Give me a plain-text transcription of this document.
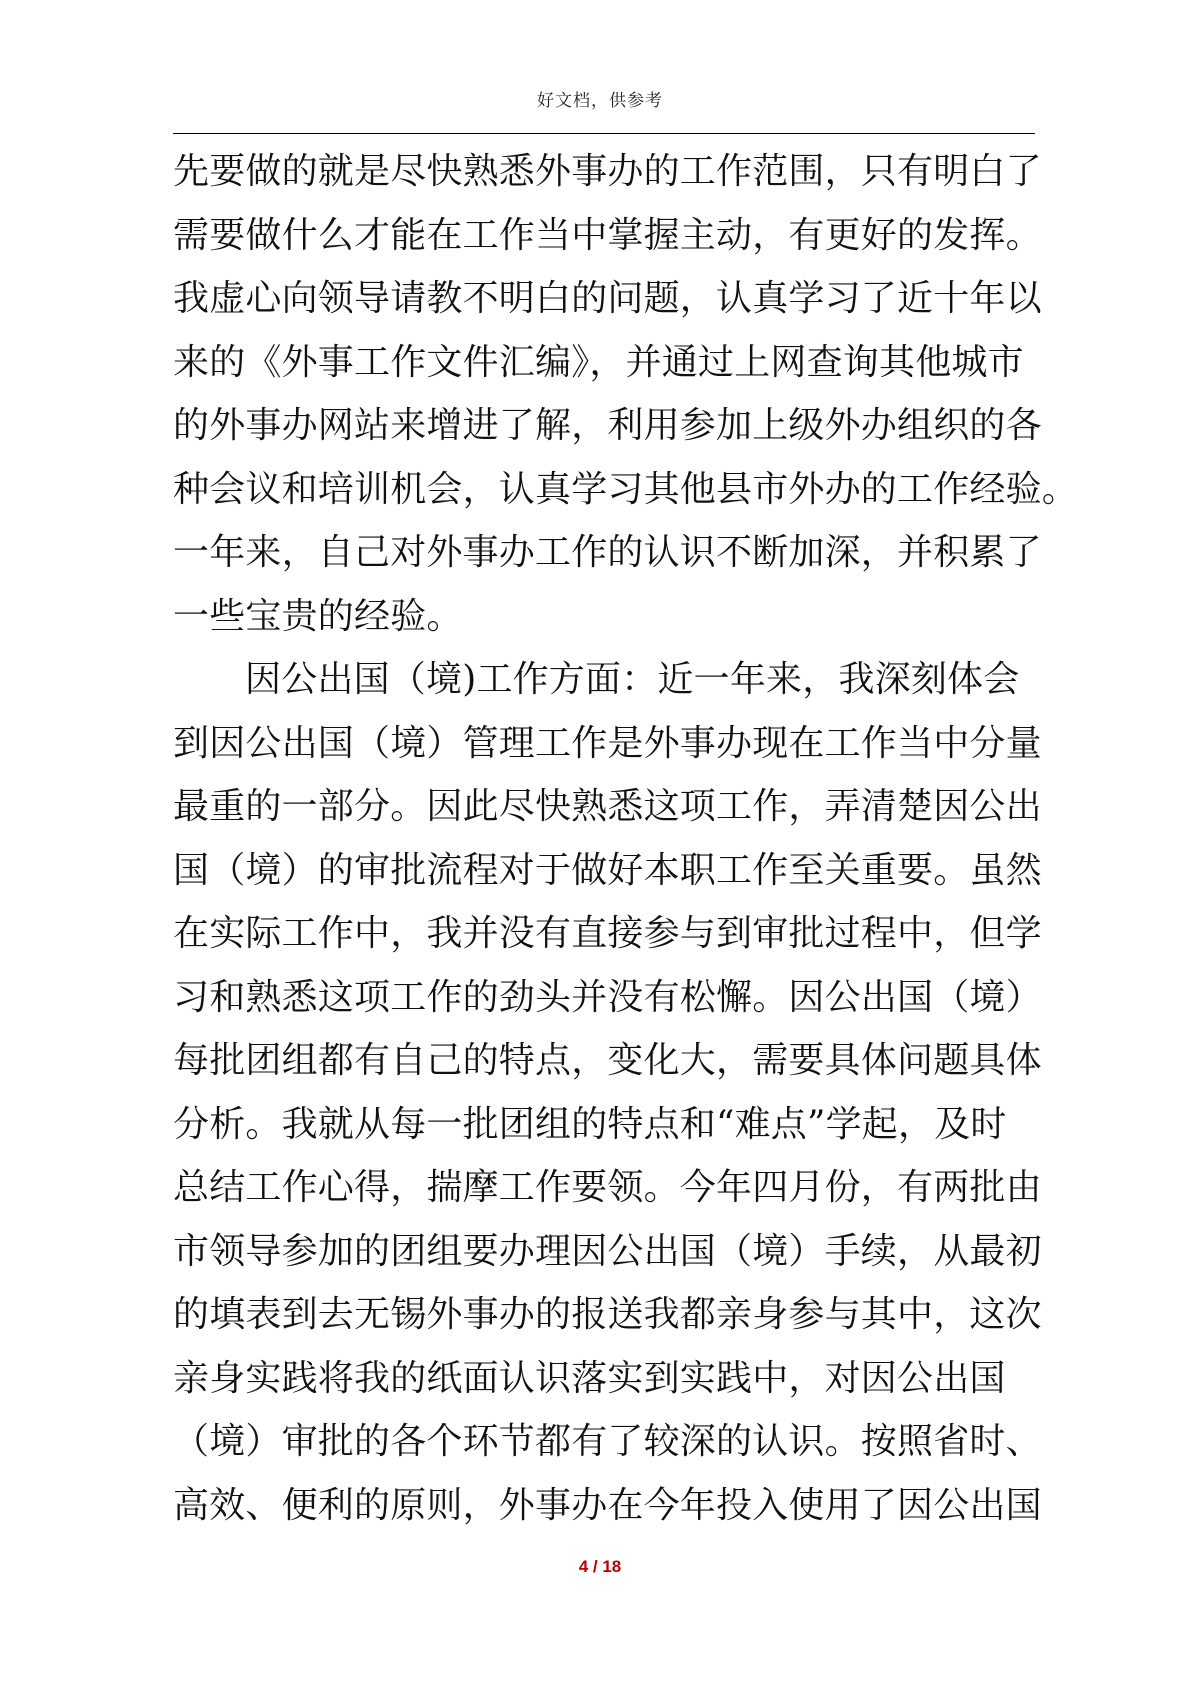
好文档，供参考
先要做的就是尽快熟悉外事办的工作范围，只有明白了
需要做什么才能在工作当中掌握主动，有更好的发挥。
我虚心向领导请教不明白的问题，认真学习了近十年以
来的《外事工作文件汇编》，并通过上网查询其他城市
的外事办网站来增进了解，利用参加上级外办组织的各
种会议和培训机会，认真学习其他县市外办的工作经验。
一年来，自己对外事办工作的认识不断加深，并积累了
一些宝贵的经验。
因公出国（境)工作方面：近一年来，我深刻体会
到因公出国（境）管理工作是外事办现在工作当中分量
最重的一部分。因此尽快熟悉这项工作，弄清楚因公出
国（境）的审批流程对于做好本职工作至关重要。虽然
在实际工作中，我并没有直接参与到审批过程中，但学
习和熟悉这项工作的劲头并没有松懈。因公出国（境）
每批团组都有自己的特点，变化大，需要具体问题具体
分析。我就从每一批团组的特点和“难点”学起，及时
总结工作心得，揣摩工作要领。今年四月份，有两批由
市领导参加的团组要办理因公出国（境）手续，从最初
的填表到去无锡外事办的报送我都亲身参与其中，这次
亲身实践将我的纸面认识落实到实践中，对因公出国
（境）审批的各个环节都有了较深的认识。按照省时、
高效、便利的原则，外事办在今年投入使用了因公出国
4 / 18
